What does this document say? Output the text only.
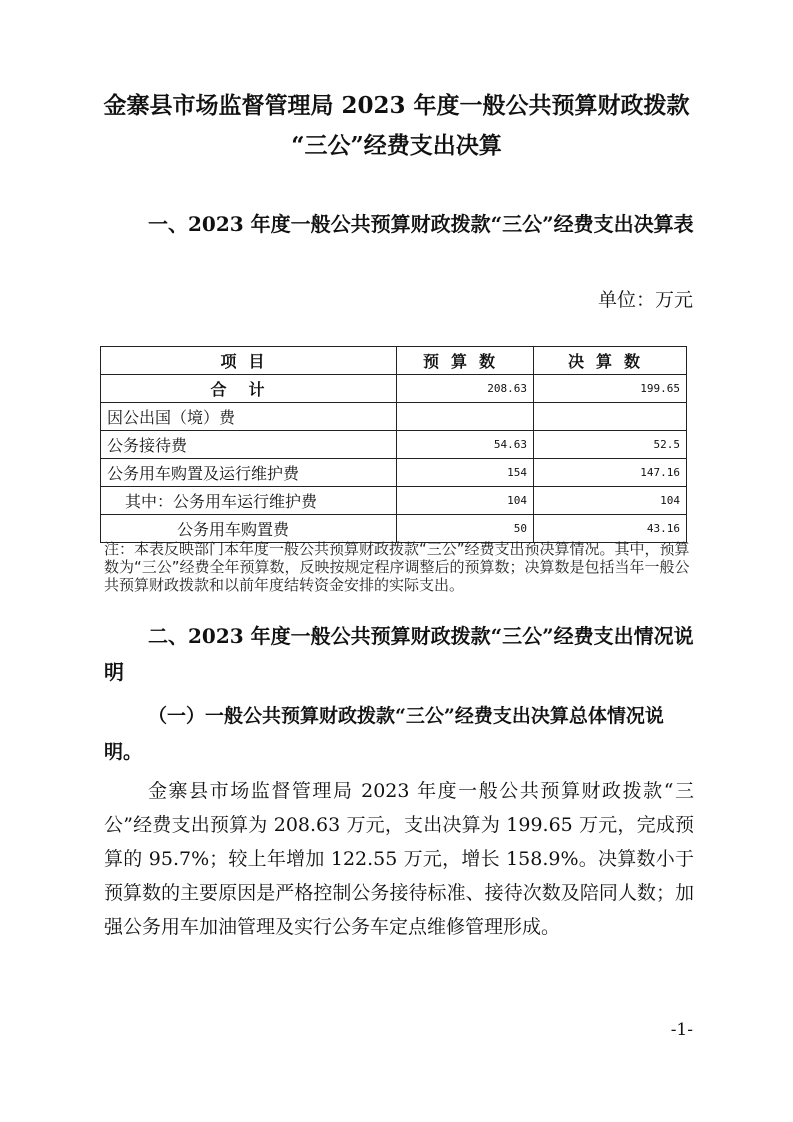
金寨县市场监督管理局 2023 年度一般公共预算财政拨款
“三公”经费支出决算
一、2023 年度一般公共预算财政拨款“三公”经费支出决算表
单位：万元
项目	预算数	决算数
合计	208.63	199.65
因公出国（境）费		
公务接待费	54.63	52.5
公务用车购置及运行维护费	154	147.16
其中：公务用车运行维护费	104	104
公务用车购置费	50	43.16
注：本表反映部门本年度一般公共预算财政拨款“三公”经费支出预决算情况。其中，预算数为“三公”经费全年预算数，反映按规定程序调整后的预算数；决算数是包括当年一般公共预算财政拨款和以前年度结转资金安排的实际支出。
二、2023 年度一般公共预算财政拨款“三公”经费支出情况说明
（一）一般公共预算财政拨款“三公”经费支出决算总体情况说明。
金寨县市场监督管理局 2023 年度一般公共预算财政拨款“三公”经费支出预算为 208.63 万元，支出决算为 199.65 万元，完成预算的 95.7%；较上年增加 122.55 万元，增长 158.9%。决算数小于预算数的主要原因是严格控制公务接待标准、接待次数及陪同人数；加强公务用车加油管理及实行公务车定点维修管理形成。
-1-
